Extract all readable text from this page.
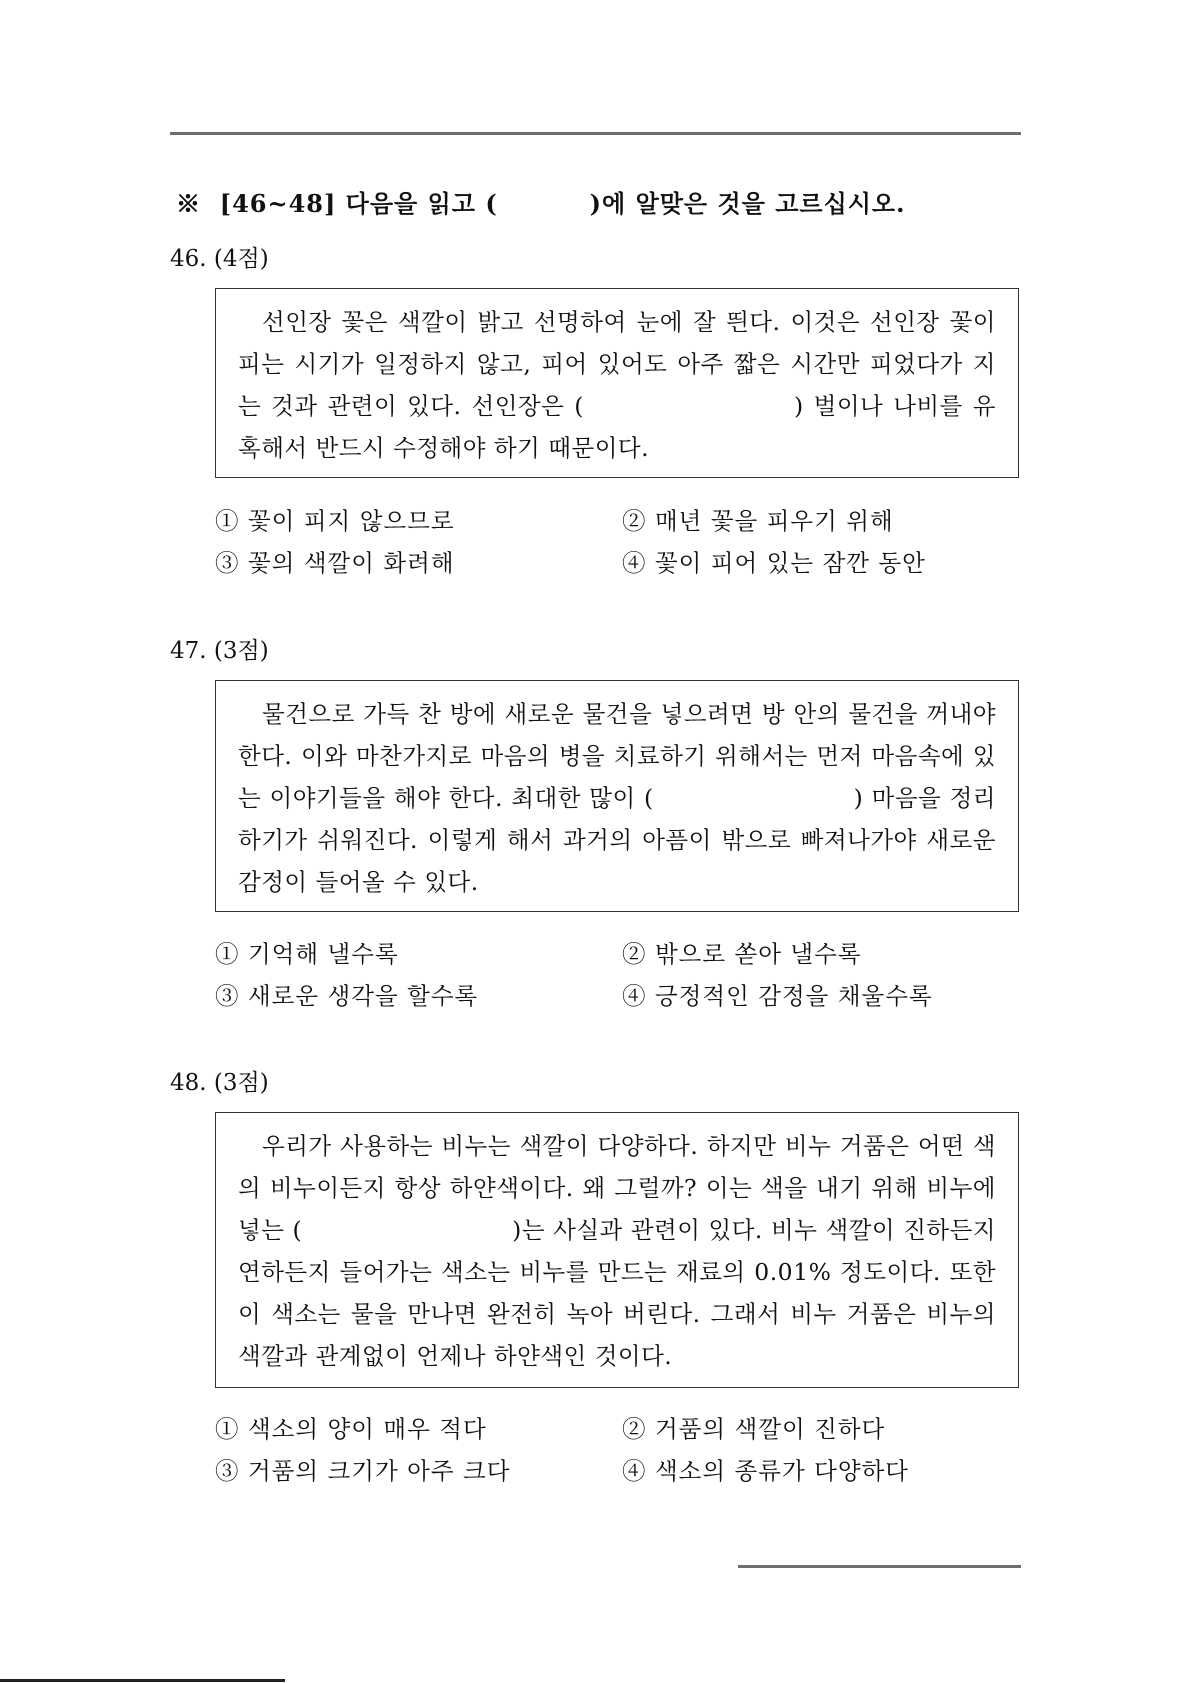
※  [46~48] 다음을 읽고 (	)에 알맞은 것을 고르십시오.
46. (4점)

선인장 꽃은 색깔이 밝고 선명하여 눈에 잘 띈다. 이것은 선인장 꽃이 피는 시기가 일정하지 않고, 피어 있어도 아주 짧은 시간만 피었다가 지는 것과 관련이 있다. 선인장은 (	) 벌이나 나비를 유혹해서 반드시 수정해야 하기 때문이다.

① 꽃이 피지 않으므로	② 매년 꽃을 피우기 위해
③ 꽃의 색깔이 화려해	④ 꽃이 피어 있는 잠깐 동안
47. (3점)

물건으로 가득 찬 방에 새로운 물건을 넣으려면 방 안의 물건을 꺼내야 한다. 이와 마찬가지로 마음의 병을 치료하기 위해서는 먼저 마음속에 있는 이야기들을 해야 한다. 최대한 많이 (	) 마음을 정리하기가 쉬워진다. 이렇게 해서 과거의 아픔이 밖으로 빠져나가야 새로운 감정이 들어올 수 있다.

① 기억해 낼수록	② 밖으로 쏟아 낼수록
③ 새로운 생각을 할수록	④ 긍정적인 감정을 채울수록
48. (3점)

우리가 사용하는 비누는 색깔이 다양하다. 하지만 비누 거품은 어떤 색의 비누이든지 항상 하얀색이다. 왜 그럴까? 이는 색을 내기 위해 비누에 넣는 (	)는 사실과 관련이 있다. 비누 색깔이 진하든지 연하든지 들어가는 색소는 비누를 만드는 재료의 0.01% 정도이다. 또한 이 색소는 물을 만나면 완전히 녹아 버린다. 그래서 비누 거품은 비누의 색깔과 관계없이 언제나 하얀색인 것이다.

① 색소의 양이 매우 적다	② 거품의 색깔이 진하다
③ 거품의 크기가 아주 크다	④ 색소의 종류가 다양하다
